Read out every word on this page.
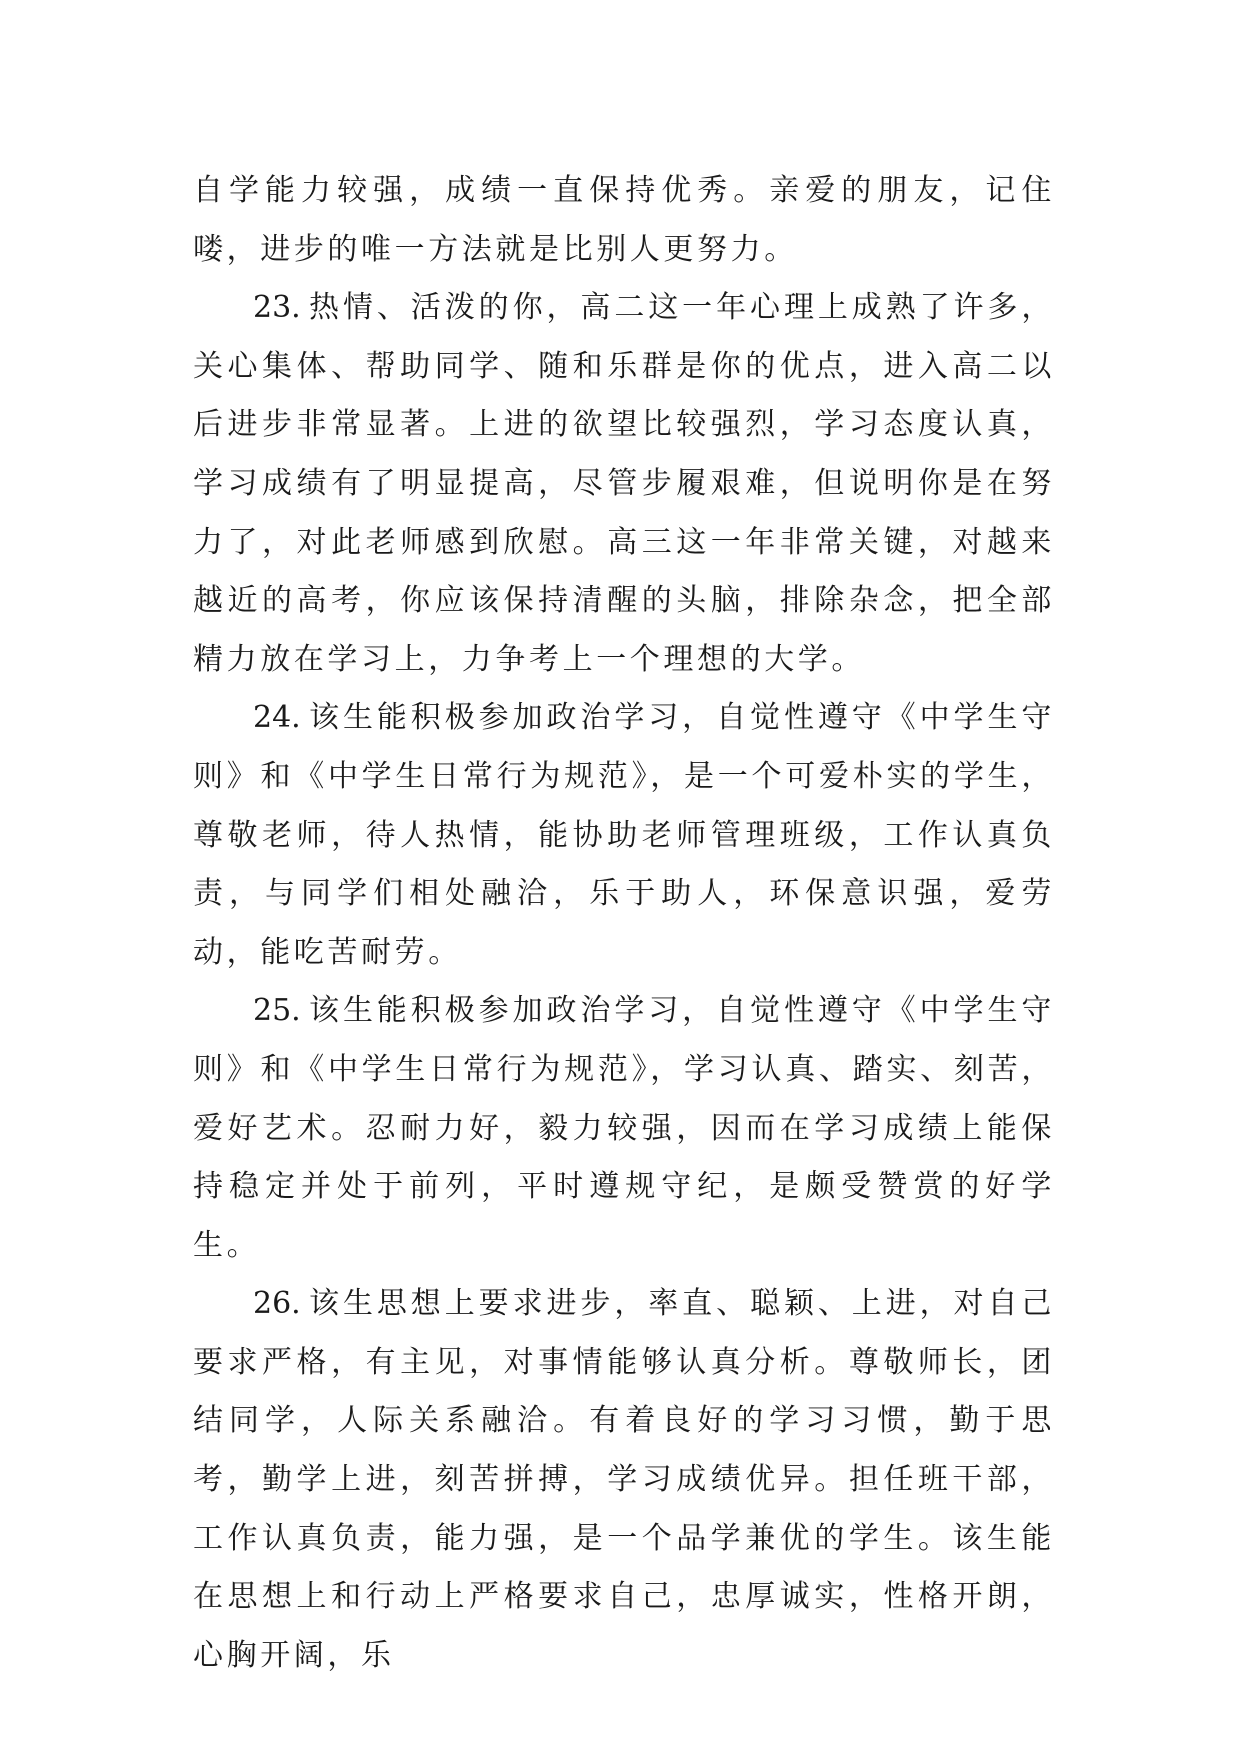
自学能力较强，成绩一直保持优秀。亲爱的朋友，记住喽，进步的唯一方法就是比别人更努力。

23. 热情、活泼的你，高二这一年心理上成熟了许多，关心集体、帮助同学、随和乐群是你的优点，进入高二以后进步非常显著。上进的欲望比较强烈，学习态度认真，学习成绩有了明显提高，尽管步履艰难，但说明你是在努力了，对此老师感到欣慰。高三这一年非常关键，对越来越近的高考，你应该保持清醒的头脑，排除杂念，把全部精力放在学习上，力争考上一个理想的大学。

24. 该生能积极参加政治学习，自觉性遵守《中学生守则》和《中学生日常行为规范》，是一个可爱朴实的学生，尊敬老师，待人热情，能协助老师管理班级，工作认真负责，与同学们相处融洽，乐于助人，环保意识强，爱劳动，能吃苦耐劳。

25. 该生能积极参加政治学习，自觉性遵守《中学生守则》和《中学生日常行为规范》，学习认真、踏实、刻苦，爱好艺术。忍耐力好，毅力较强，因而在学习成绩上能保持稳定并处于前列，平时遵规守纪，是颇受赞赏的好学生。

26. 该生思想上要求进步，率直、聪颖、上进，对自己要求严格，有主见，对事情能够认真分析。尊敬师长，团结同学，人际关系融洽。有着良好的学习习惯，勤于思考，勤学上进，刻苦拼搏，学习成绩优异。担任班干部，工作认真负责，能力强，是一个品学兼优的学生。该生能在思想上和行动上严格要求自己，忠厚诚实，性格开朗，心胸开阔，乐
